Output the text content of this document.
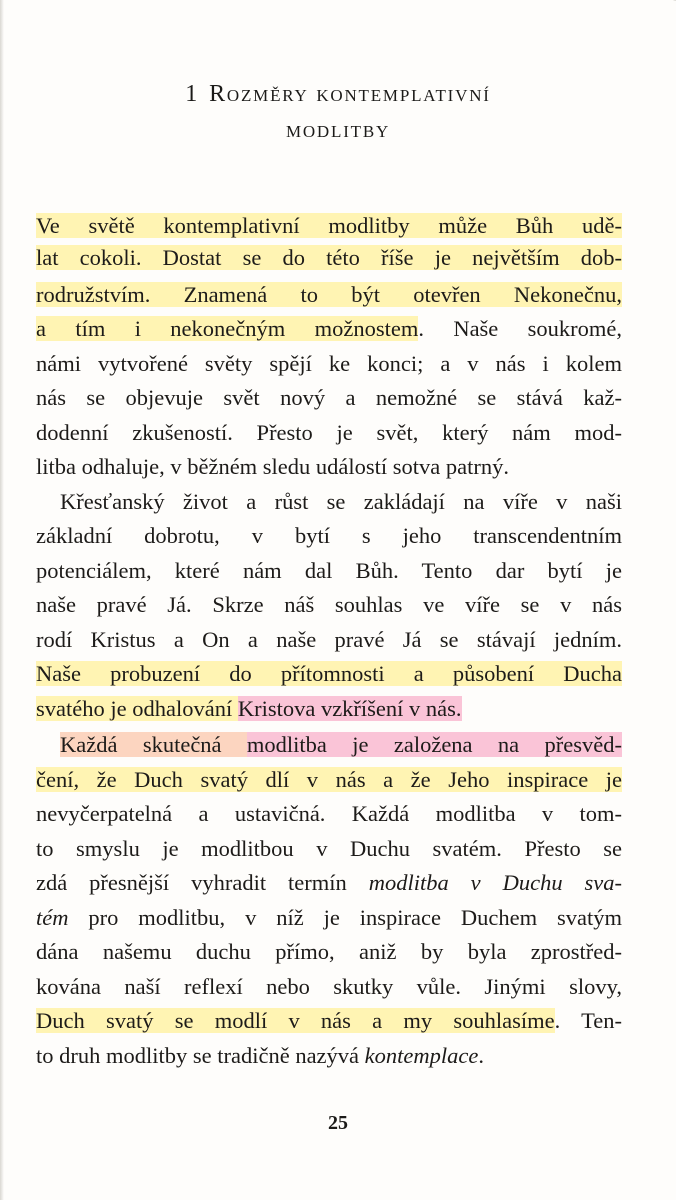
1 Rozměry kontemplativní
modlitby
Ve světě kontemplativní modlitby může Bůh udě-
lat cokoli. Dostat se do této říše je největším dob-
rodružstvím. Znamená to být otevřen Nekonečnu,
a tím i nekonečným možnostem. Naše soukromé,
námi vytvořené světy spějí ke konci; a v nás i kolem
nás se objevuje svět nový a nemožné se stává kaž-
dodenní zkušeností. Přesto je svět, který nám mod-
litba odhaluje, v běžném sledu událostí sotva patrný.
Křesťanský život a růst se zakládají na víře v naši
základní dobrotu, v bytí s jeho transcendentním
potenciálem, které nám dal Bůh. Tento dar bytí je
naše pravé Já. Skrze náš souhlas ve víře se v nás
rodí Kristus a On a naše pravé Já se stávají jedním.
Naše probuzení do přítomnosti a působení Ducha
svatého je odhalování Kristova vzkříšení v nás.
Každá skutečná modlitba je založena na přesvěd-
čení, že Duch svatý dlí v nás a že Jeho inspirace je
nevyčerpatelná a ustavičná. Každá modlitba v tom-
to smyslu je modlitbou v Duchu svatém. Přesto se
zdá přesnější vyhradit termín modlitba v Duchu sva-
tém pro modlitbu, v níž je inspirace Duchem svatým
dána našemu duchu přímo, aniž by byla zprostřed-
kována naší reflexí nebo skutky vůle. Jinými slovy,
Duch svatý se modlí v nás a my souhlasíme. Ten-
to druh modlitby se tradičně nazývá kontemplace.
25
